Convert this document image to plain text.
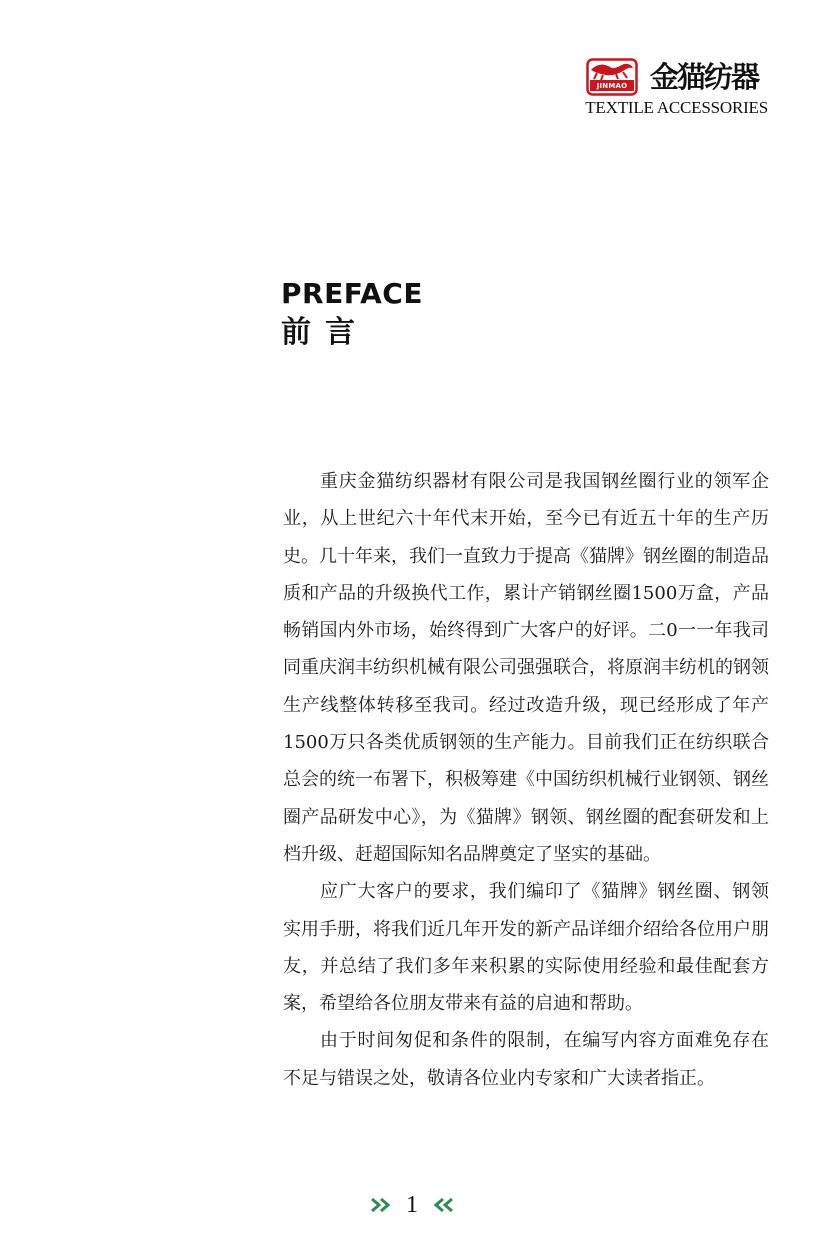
JINMAO 金猫纺器
TEXTILE ACCESSORIES
PREFACE
前言

重庆金猫纺织器材有限公司是我国钢丝圈行业的领军企业，从上世纪六十年代末开始，至今已有近五十年的生产历史。几十年来，我们一直致力于提高《猫牌》钢丝圈的制造品质和产品的升级换代工作，累计产销钢丝圈1500万盒，产品畅销国内外市场，始终得到广大客户的好评。二0一一年我司同重庆润丰纺织机械有限公司强强联合，将原润丰纺机的钢领生产线整体转移至我司。经过改造升级，现已经形成了年产1500万只各类优质钢领的生产能力。目前我们正在纺织联合总会的统一布署下，积极筹建《中国纺织机械行业钢领、钢丝圈产品研发中心》，为《猫牌》钢领、钢丝圈的配套研发和上档升级、赶超国际知名品牌奠定了坚实的基础。

应广大客户的要求，我们编印了《猫牌》钢丝圈、钢领实用手册，将我们近几年开发的新产品详细介绍给各位用户朋友，并总结了我们多年来积累的实际使用经验和最佳配套方案，希望给各位朋友带来有益的启迪和帮助。

由于时间匆促和条件的限制，在编写内容方面难免存在不足与错误之处，敬请各位业内专家和广大读者指正。

1
